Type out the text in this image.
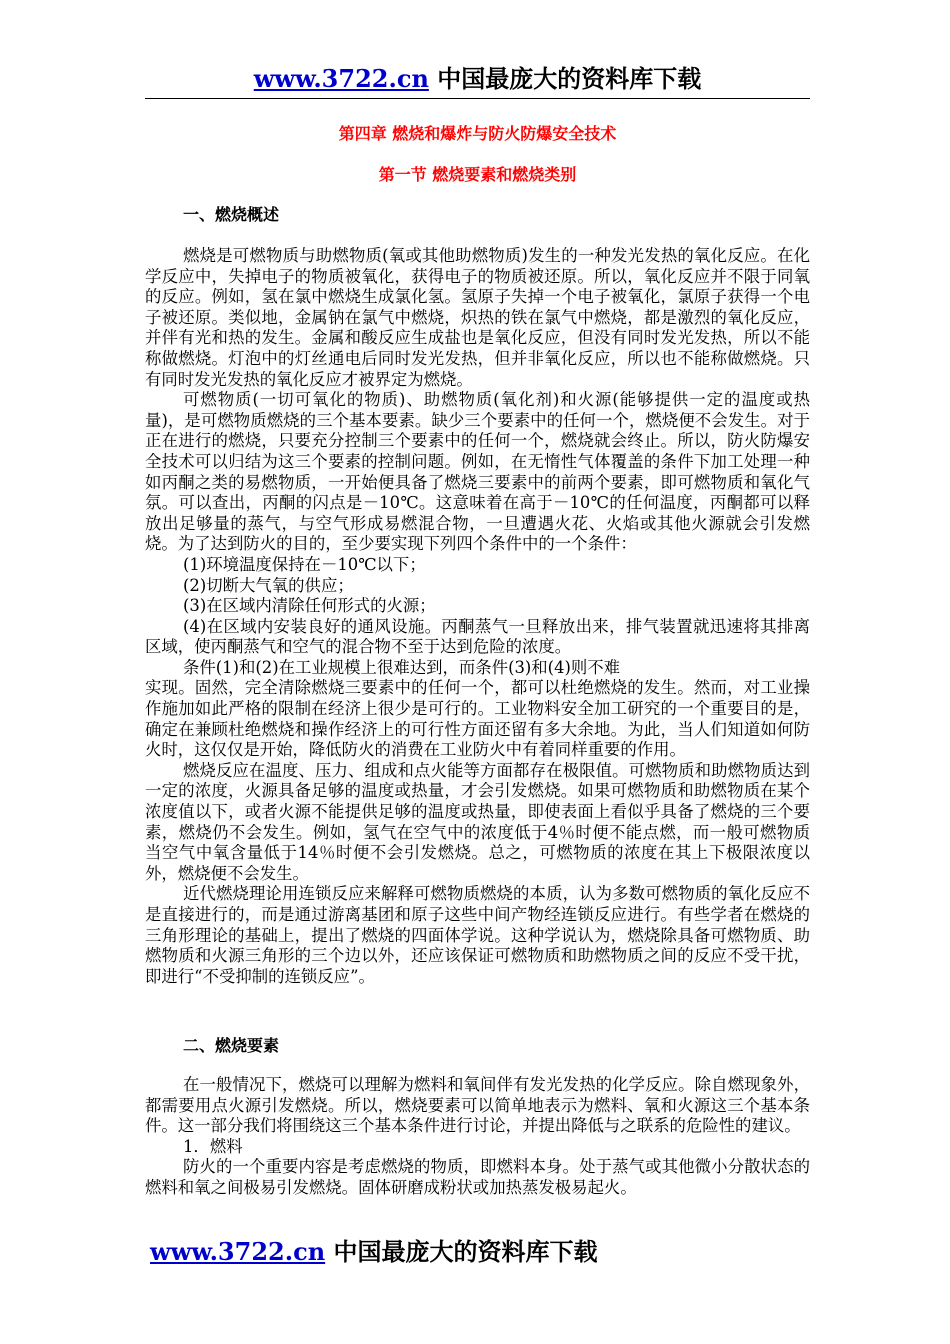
www.3722.cn 中国最庞大的资料库下载
第四章 燃烧和爆炸与防火防爆安全技术
第一节 燃烧要素和燃烧类别
一、燃烧概述

燃烧是可燃物质与助燃物质(氧或其他助燃物质)发生的一种发光发热的氧化反应。在化学反应中，失掉电子的物质被氧化，获得电子的物质被还原。所以，氧化反应并不限于同氧的反应。例如，氢在氯中燃烧生成氯化氢。氢原子失掉一个电子被氧化，氯原子获得一个电子被还原。类似地，金属钠在氯气中燃烧，炽热的铁在氯气中燃烧，都是激烈的氧化反应，并伴有光和热的发生。金属和酸反应生成盐也是氧化反应，但没有同时发光发热，所以不能称做燃烧。灯泡中的灯丝通电后同时发光发热，但并非氧化反应，所以也不能称做燃烧。只有同时发光发热的氧化反应才被界定为燃烧。

可燃物质(一切可氧化的物质)、助燃物质(氧化剂)和火源(能够提供一定的温度或热量)，是可燃物质燃烧的三个基本要素。缺少三个要素中的任何一个，燃烧便不会发生。对于正在进行的燃烧，只要充分控制三个要素中的任何一个，燃烧就会终止。所以，防火防爆安全技术可以归结为这三个要素的控制问题。例如，在无惰性气体覆盖的条件下加工处理一种如丙酮之类的易燃物质，一开始便具备了燃烧三要素中的前两个要素，即可燃物质和氧化气氛。可以查出，丙酮的闪点是－10℃。这意味着在高于－10℃的任何温度，丙酮都可以释放出足够量的蒸气，与空气形成易燃混合物，一旦遭遇火花、火焰或其他火源就会引发燃烧。为了达到防火的目的，至少要实现下列四个条件中的一个条件：

(1)环境温度保持在－10℃以下；

(2)切断大气氧的供应；

(3)在区域内清除任何形式的火源；

(4)在区域内安装良好的通风设施。丙酮蒸气一旦释放出来，排气装置就迅速将其排离区域，使丙酮蒸气和空气的混合物不至于达到危险的浓度。

条件(1)和(2)在工业规模上很难达到，而条件(3)和(4)则不难

实现。固然，完全清除燃烧三要素中的任何一个，都可以杜绝燃烧的发生。然而，对工业操作施加如此严格的限制在经济上很少是可行的。工业物料安全加工研究的一个重要目的是，确定在兼顾杜绝燃烧和操作经济上的可行性方面还留有多大余地。为此，当人们知道如何防火时，这仅仅是开始，降低防火的消费在工业防火中有着同样重要的作用。

燃烧反应在温度、压力、组成和点火能等方面都存在极限值。可燃物质和助燃物质达到一定的浓度，火源具备足够的温度或热量，才会引发燃烧。如果可燃物质和助燃物质在某个浓度值以下，或者火源不能提供足够的温度或热量，即使表面上看似乎具备了燃烧的三个要素，燃烧仍不会发生。例如，氢气在空气中的浓度低于4％时便不能点燃，而一般可燃物质当空气中氧含量低于14％时便不会引发燃烧。总之，可燃物质的浓度在其上下极限浓度以外，燃烧便不会发生。

近代燃烧理论用连锁反应来解释可燃物质燃烧的本质，认为多数可燃物质的氧化反应不是直接进行的，而是通过游离基团和原子这些中间产物经连锁反应进行。有些学者在燃烧的三角形理论的基础上，提出了燃烧的四面体学说。这种学说认为，燃烧除具备可燃物质、助燃物质和火源三角形的三个边以外，还应该保证可燃物质和助燃物质之间的反应不受干扰，即进行“不受抑制的连锁反应”。

二、燃烧要素

在一般情况下，燃烧可以理解为燃料和氧间伴有发光发热的化学反应。除自燃现象外，都需要用点火源引发燃烧。所以，燃烧要素可以简单地表示为燃料、氧和火源这三个基本条件。这一部分我们将围绕这三个基本条件进行讨论，并提出降低与之联系的危险性的建议。

1．燃料

防火的一个重要内容是考虑燃烧的物质，即燃料本身。处于蒸气或其他微小分散状态的燃料和氧之间极易引发燃烧。固体研磨成粉状或加热蒸发极易起火。

www.3722.cn 中国最庞大的资料库下载
